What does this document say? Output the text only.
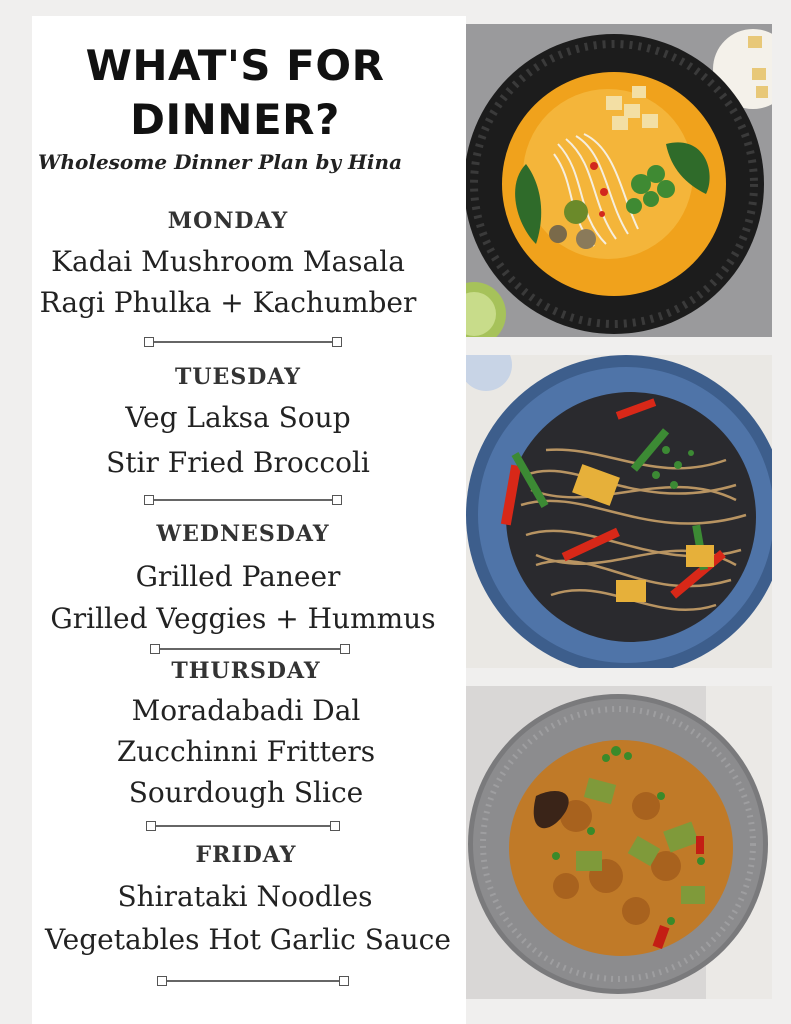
WHAT'S FOR
DINNER?
Wholesome Dinner Plan by Hina
MONDAY
Kadai Mushroom Masala
Ragi Phulka + Kachumber
TUESDAY
Veg Laksa Soup
Stir Fried Broccoli
WEDNESDAY
Grilled Paneer
Grilled Veggies + Hummus
THURSDAY
Moradabadi Dal
Zucchinni Fritters
Sourdough Slice
FRIDAY
Shirataki Noodles
Vegetables Hot Garlic Sauce
